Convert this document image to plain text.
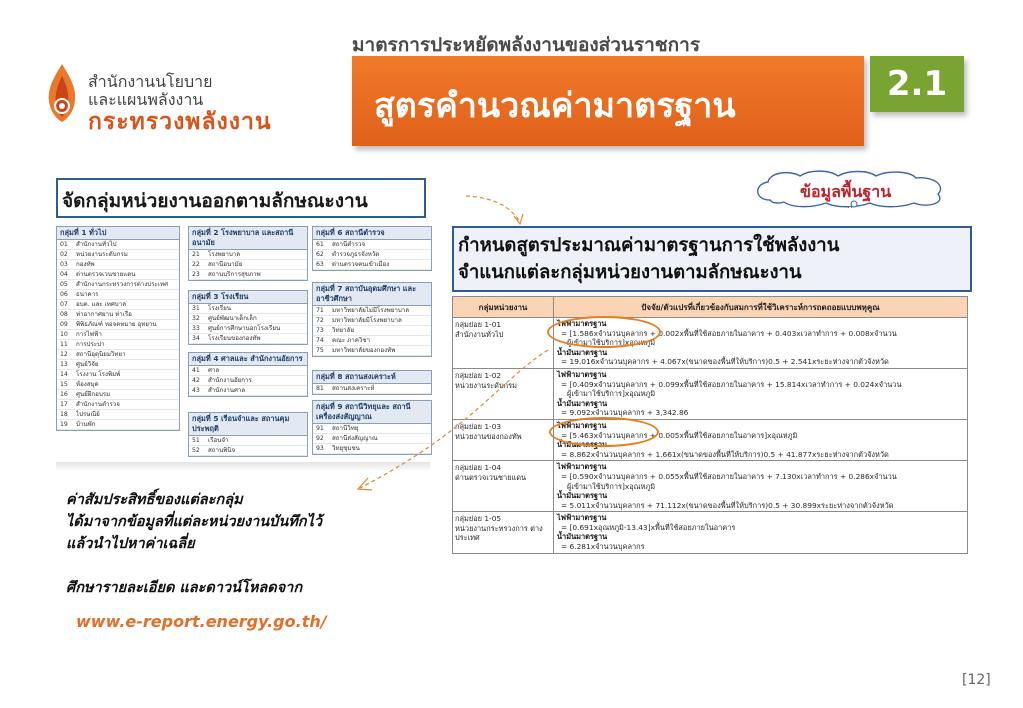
สำนักงานนโยบาย
และแผนพลังงาน
กระทรวงพลังงาน
มาตรการประหยัดพลังงานของส่วนราชการ
สูตรคำนวณค่ามาตรฐาน
2.1
ข้อมูลพื้นฐาน
จัดกลุ่มหน่วยงานออกตามลักษณะงาน
กลุ่มที่ 1 ทั่วไป
01	สำนักงานทั่วไป
02	หน่วยงานระดับกรม
03	กองทัพ
04	ด่านตรวจเวนชายแดน
05	สำนักงานกระทรวงการต่างประเทศ
06	ธนาคาร
07	อบต. และ เทศบาล
08	ท่าอากาศยาน ท่าเรือ
09	พิพิธภัณฑ์ หอจดหมาย อุทยาน
10	การไฟฟ้า
11	การประปา
12	สถานีอุตุนิยมวิทยา
13	ศูนย์วิจัย
14	โรงงาน โรงพิมพ์
15	ห้องสมุด
16	ศูนย์ฝึกอบรม
17	สำนักงานตำรวจ
18	ไปรษณีย์
19	บ้านพัก
กลุ่มที่ 2 โรงพยาบาล และสถานีอนามัย
21	โรงพยาบาล
22	สถานีอนามัย
23	สถานบริการสุขภาพ
กลุ่มที่ 3 โรงเรียน
31	โรงเรียน
32	ศูนย์พัฒนาเด็กเล็ก
33	ศูนย์การศึกษานอกโรงเรียน
34	โรงเรียนของกองทัพ
กลุ่มที่ 4 ศาลและ สำนักงานอัยการ
41	ศาล
42	สำนักงานอัยการ
43	สำนักงานศาล
กลุ่มที่ 5 เรือนจำและ สถานคุมประพฤติ
51	เรือนจำ
52	สถานพินิจ
กลุ่มที่ 6 สถานีตำรวจ
61	สถานีตำรวจ
62	ตำรวจภูธรจังหวัด
63	ด่านตรวจคนเข้าเมือง
กลุ่มที่ 7 สถาบันอุดมศึกษา และอาชีวศึกษา
71	มหาวิทยาลัยไม่มีโรงพยาบาล
72	มหาวิทยาลัยมีโรงพยาบาล
73	วิทยาลัย
74	คณะ ภาควิชา
75	มหาวิทยาลัยของกองทัพ
กลุ่มที่ 8 สถานสงเคราะห์
81	สถานสงเคราะห์
กลุ่มที่ 9 สถานีวิทยุและ สถานีเครื่องส่งสัญญาณ
91	สถานีวิทยุ
92	สถานีส่งสัญญาณ
93	วิทยุชุมชน
ค่าสัมประสิทธิ์ของแต่ละกลุ่ม
ได้มาจากข้อมูลที่แต่ละหน่วยงานบันทึกไว้
แล้วนำไปหาค่าเฉลี่ย
ศึกษารายละเอียด และดาวน์โหลดจาก
www.e-report.energy.go.th/
กำหนดสูตรประมาณค่ามาตรฐานการใช้พลังงาน
จำแนกแต่ละกลุ่มหน่วยงานตามลักษณะงาน
กลุ่มหน่วยงาน	ปัจจัย/ตัวแปรที่เกี่ยวข้องกับสมการที่ใช้วิเคราะห์การถดถอยแบบพหุคูณ
กลุ่มย่อย 1-01
สำนักงานทั่วไป
ไฟฟ้ามาตรฐาน
= [1.586xจำนวนบุคลากร + 0.002xพื้นที่ใช้สอยภายในอาคาร + 0.403xเวลาทำการ + 0.008xจำนวน
ผู้เข้ามาใช้บริการ]xอุณหภูมิ
น้ำมันมาตรฐาน
= 19.016xจำนวนบุคลากร + 4.067x(ขนาดของพื้นที่ให้บริการ)0.5 + 2.541xระยะห่างจากตัวจังหวัด
กลุ่มย่อย 1-02
หน่วยงานระดับกรม
ไฟฟ้ามาตรฐาน
= [0.409xจำนวนบุคลากร + 0.099xพื้นที่ใช้สอยภายในอาคาร + 15.814xเวลาทำการ + 0.024xจำนวน
ผู้เข้ามาใช้บริการ]xอุณหภูมิ
น้ำมันมาตรฐาน
= 9.092xจำนวนบุคลากร + 3,342.86
กลุ่มย่อย 1-03
หน่วยงานของกองทัพ
ไฟฟ้ามาตรฐาน
= [5.463xจำนวนบุคลากร + 0.005xพื้นที่ใช้สอยภายในอาคาร]xอุณหภูมิ
น้ำมันมาตรฐาน
= 8.862xจำนวนบุคลากร + 1.661x(ขนาดของพื้นที่ให้บริการ)0.5 + 41.877xระยะห่างจากตัวจังหวัด
กลุ่มย่อย 1-04
ด่านตรวจเวนชายแดน
ไฟฟ้ามาตรฐาน
= [0.590xจำนวนบุคลากร + 0.055xพื้นที่ใช้สอยภายในอาคาร + 7.130xเวลาทำการ + 0.286xจำนวน
ผู้เข้ามาใช้บริการ]xอุณหภูมิ
น้ำมันมาตรฐาน
= 5.011xจำนวนบุคลากร + 71.112x(ขนาดของพื้นที่ให้บริการ)0.5 + 30.899xระยะห่างจากตัวจังหวัด
กลุ่มย่อย 1-05
หน่วยงานกระทรวงการ ต่างประเทศ
ไฟฟ้ามาตรฐาน
= [0.691xอุณหภูมิ-13.43]xพื้นที่ใช้สอยภายในอาคาร
น้ำมันมาตรฐาน
= 6.281xจำนวนบุคลากร
[12]
